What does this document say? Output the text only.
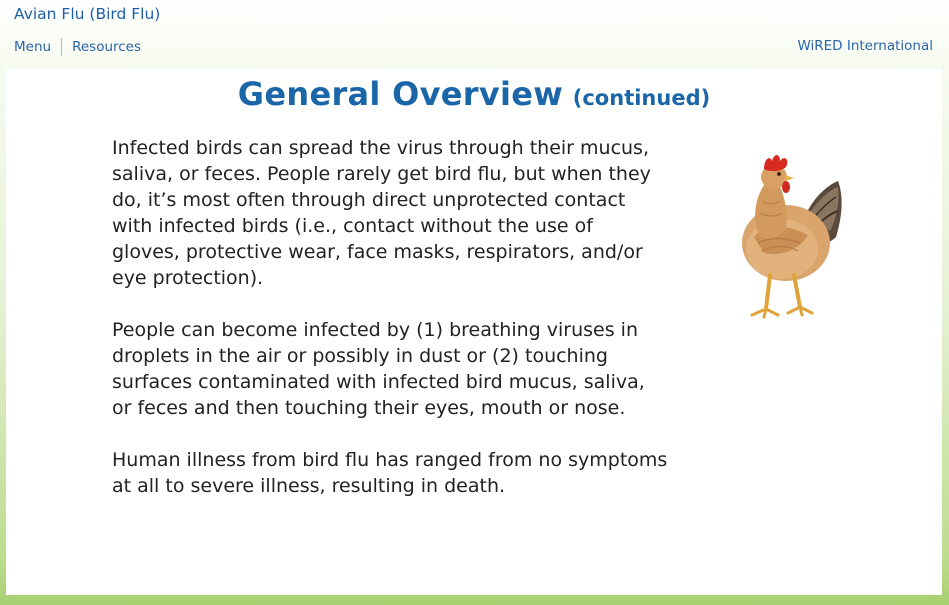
Avian Flu (Bird Flu)
Menu Resources	WiRED International
General Overview (continued)

Infected birds can spread the virus through their mucus,
saliva, or feces. People rarely get bird flu, but when they
do, it’s most often through direct unprotected contact
with infected birds (i.e., contact without the use of
gloves, protective wear, face masks, respirators, and/or
eye protection).

People can become infected by (1) breathing viruses in
droplets in the air or possibly in dust or (2) touching
surfaces contaminated with infected bird mucus, saliva,
or feces and then touching their eyes, mouth or nose.

Human illness from bird flu has ranged from no symptoms
at all to severe illness, resulting in death.
